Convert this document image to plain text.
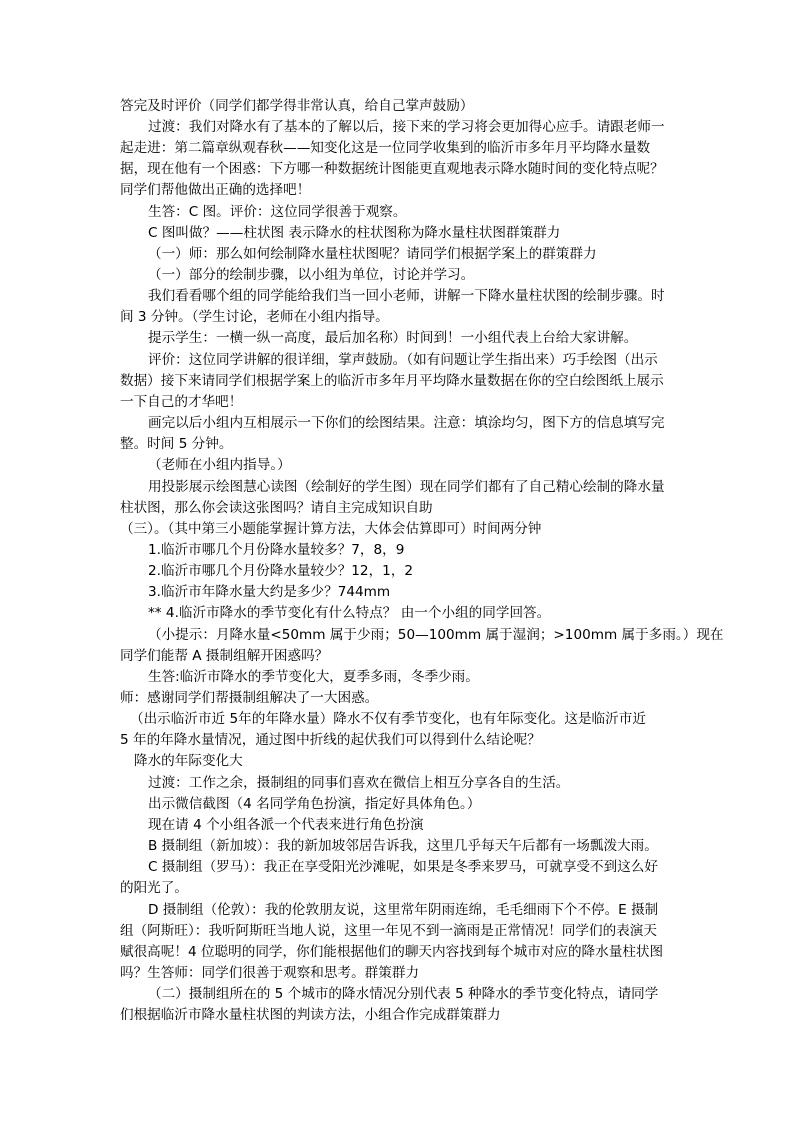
答完及时评价（同学们都学得非常认真，给自己掌声鼓励）
过渡：我们对降水有了基本的了解以后，接下来的学习将会更加得心应手。请跟老师一
起走进：第二篇章纵观春秋——知变化这是一位同学收集到的临沂市多年月平均降水量数
据，现在他有一个困惑：下方哪一种数据统计图能更直观地表示降水随时间的变化特点呢？
同学们帮他做出正确的选择吧！
生答：C 图。评价：这位同学很善于观察。
C 图叫做？——柱状图 表示降水的柱状图称为降水量柱状图群策群力
（一）师：那么如何绘制降水量柱状图呢？请同学们根据学案上的群策群力
（一）部分的绘制步骤，以小组为单位，讨论并学习。
我们看看哪个组的同学能给我们当一回小老师，讲解一下降水量柱状图的绘制步骤。时
间 3 分钟。（学生讨论，老师在小组内指导。
提示学生：一横一纵一高度，最后加名称）时间到！一小组代表上台给大家讲解。
评价：这位同学讲解的很详细，掌声鼓励。（如有问题让学生指出来）巧手绘图（出示
数据）接下来请同学们根据学案上的临沂市多年月平均降水量数据在你的空白绘图纸上展示
一下自己的才华吧！
画完以后小组内互相展示一下你们的绘图结果。注意：填涂均匀，图下方的信息填写完
整。时间 5 分钟。
（老师在小组内指导。）
用投影展示绘图慧心读图（绘制好的学生图）现在同学们都有了自己精心绘制的降水量
柱状图，那么你会读这张图吗？请自主完成知识自助
（三）。（其中第三小题能掌握计算方法，大体会估算即可）时间两分钟
1.临沂市哪几个月份降水量较多？7，8，9
2.临沂市哪几个月份降水量较少？12，1，2
3.临沂市年降水量大约是多少？744mm
** 4.临沂市降水的季节变化有什么特点？ 由一个小组的同学回答。
（小提示：月降水量<50mm 属于少雨；50—100mm 属于湿润；>100mm 属于多雨。）现在
同学们能帮 A 摄制组解开困惑吗？
生答:临沂市降水的季节变化大，夏季多雨，冬季少雨。
师：感谢同学们帮摄制组解决了一大困惑。
（出示临沂市近 5年的年降水量）降水不仅有季节变化，也有年际变化。这是临沂市近
5 年的年降水量情况，通过图中折线的起伏我们可以得到什么结论呢？
降水的年际变化大
过渡：工作之余，摄制组的同事们喜欢在微信上相互分享各自的生活。
出示微信截图（4 名同学角色扮演，指定好具体角色。）
现在请 4 个小组各派一个代表来进行角色扮演
B 摄制组（新加坡）：我的新加坡邻居告诉我，这里几乎每天午后都有一场瓢泼大雨。
C 摄制组（罗马）：我正在享受阳光沙滩呢，如果是冬季来罗马，可就享受不到这么好
的阳光了。
D 摄制组（伦敦）：我的伦敦朋友说，这里常年阴雨连绵，毛毛细雨下个不停。E 摄制
组（阿斯旺）：我听阿斯旺当地人说，这里一年见不到一滴雨是正常情况！同学们的表演天
赋很高呢！4 位聪明的同学，你们能根据他们的聊天内容找到每个城市对应的降水量柱状图
吗？生答师：同学们很善于观察和思考。群策群力
（二）摄制组所在的 5 个城市的降水情况分别代表 5 种降水的季节变化特点，请同学
们根据临沂市降水量柱状图的判读方法，小组合作完成群策群力
